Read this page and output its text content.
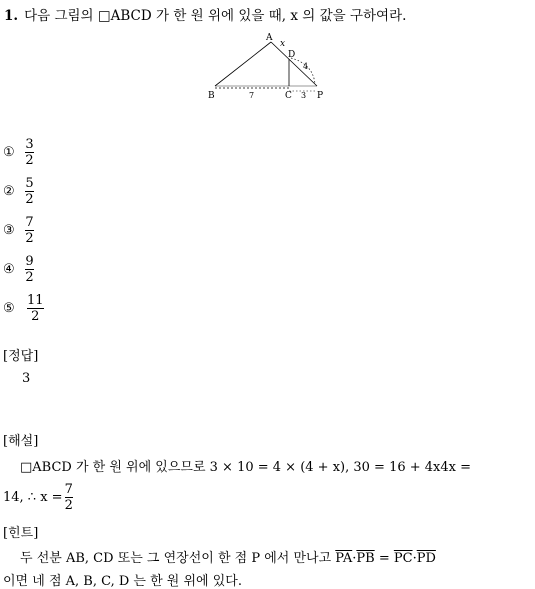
1. 다음 그림의 □ABCD 가 한 원 위에 있을 때, x 의 값을 구하여라.
A
x
D
4
B	7	C 3 P
① $\frac{3}{2}$
② $\frac{5}{2}$
③ $\frac{7}{2}$
④ $\frac{9}{2}$
⑤ $\frac{11}{2}$
[정답]
3
[해설]
□ABCD 가 한 원 위에 있으므로 3 × 10 = 4 × (4 + x), 30 = 16 + 4x4x =
14, ∴ x =
7
2
[힌트]
두 선분 AB, CD 또는 그 연장선이 한 점 P 에서 만나고 $\overline{PA}\cdot\overline{PB} = \overline{PC}\cdot\overline{PD}$
이면 네 점 A, B, C, D 는 한 원 위에 있다.
